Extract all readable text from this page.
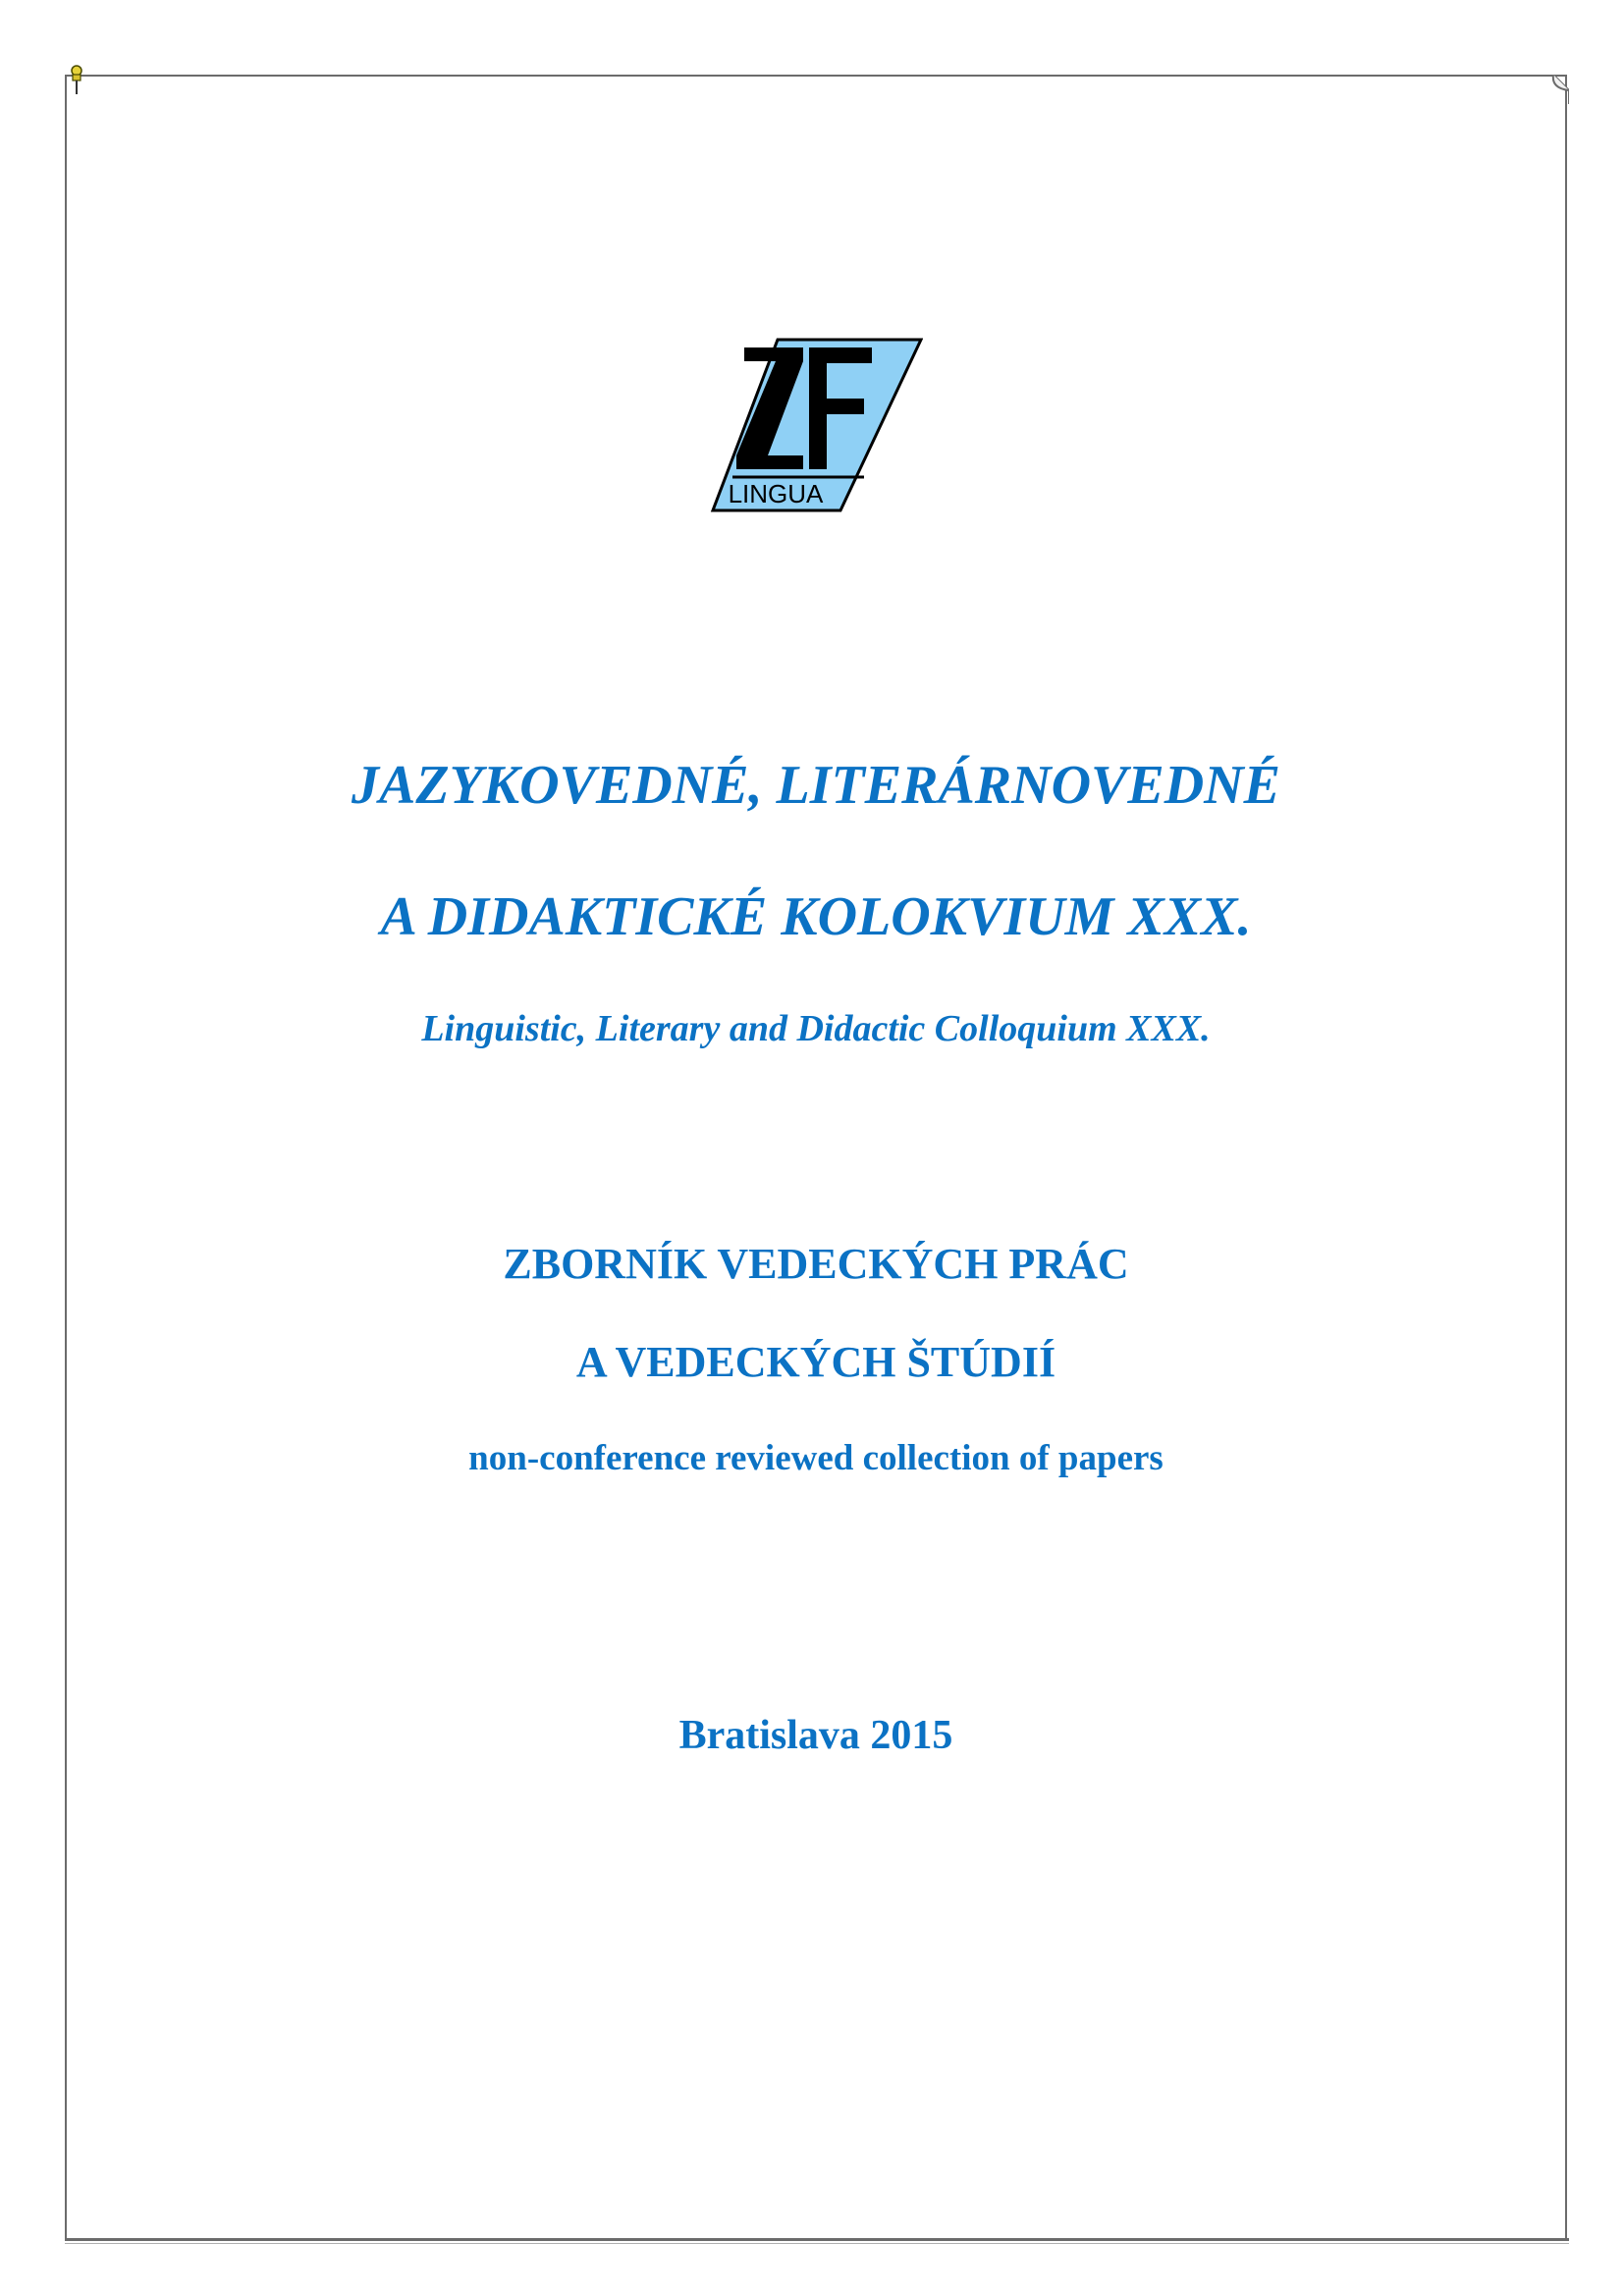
LINGUA
JAZYKOVEDNÉ, LITERÁRNOVEDNÉ
A DIDAKTICKÉ KOLOKVIUM XXX.
Linguistic, Literary and Didactic Colloquium XXX.
ZBORNÍK VEDECKÝCH PRÁC
A VEDECKÝCH ŠTÚDIÍ
non-conference reviewed collection of papers
Bratislava 2015
